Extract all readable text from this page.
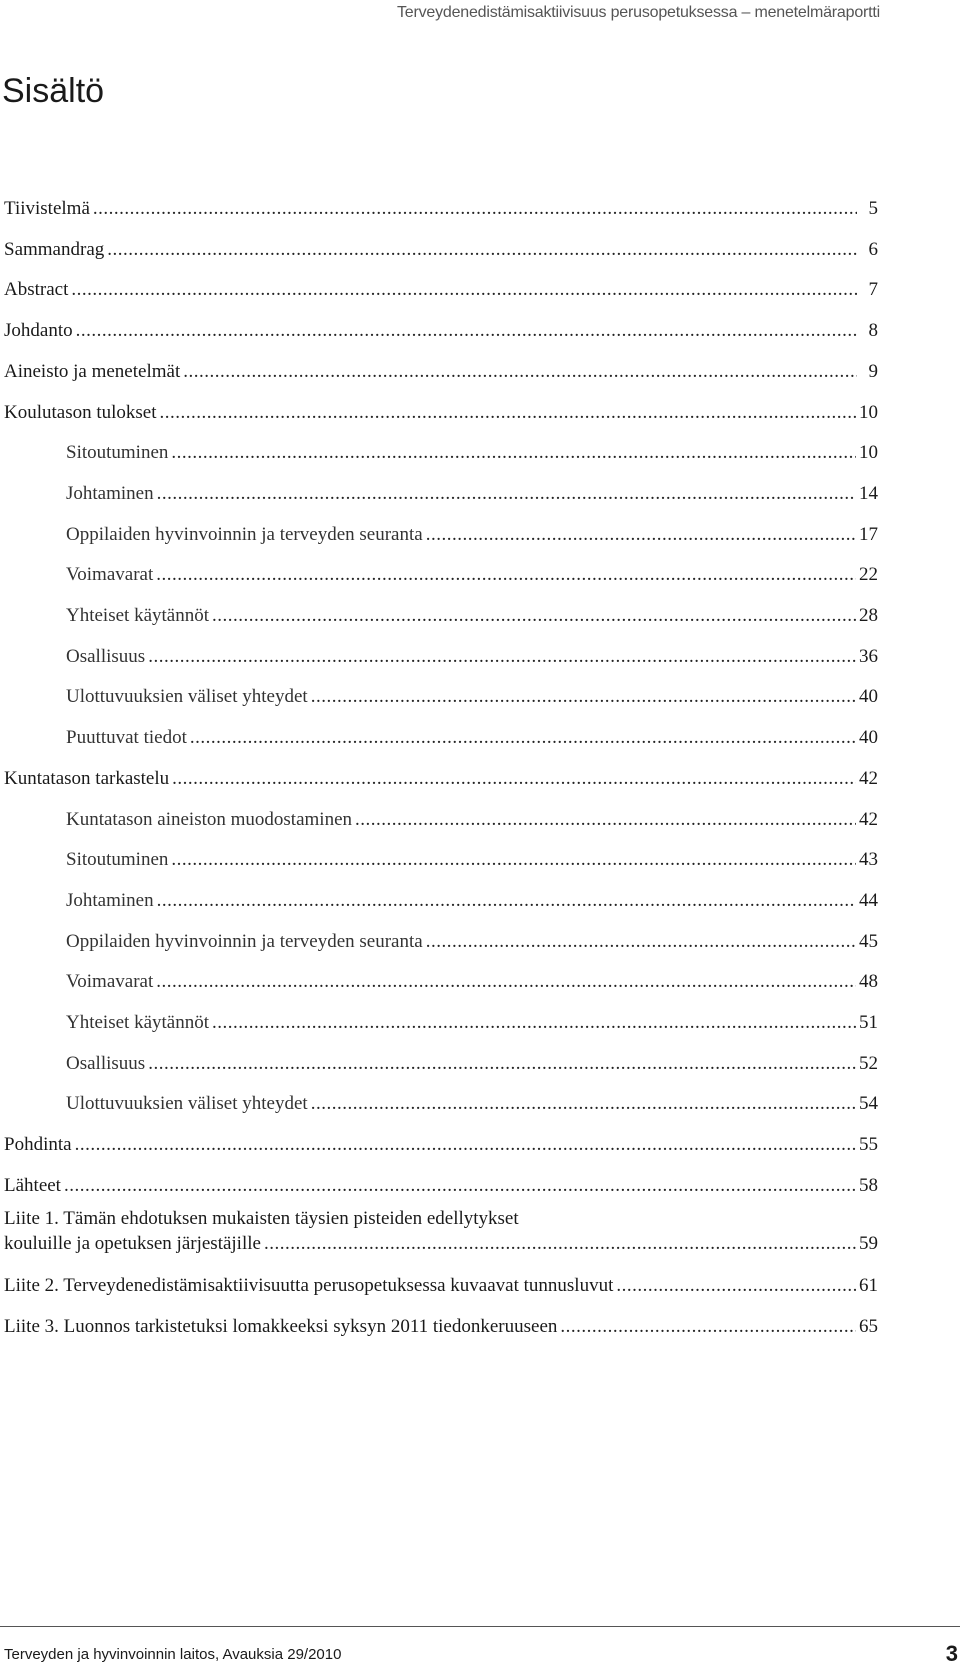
Terveydenedistämisaktiivisuus perusopetuksessa – menetelmäraportti
Sisältö
Tiivistelmä .....	5
Sammandrag .....	6
Abstract .....	7
Johdanto .....	8
Aineisto ja menetelmät .....	9
Koulutason tulokset .....	10
Sitoutuminen .....	10
Johtaminen .....	14
Oppilaiden hyvinvoinnin ja terveyden seuranta .....	17
Voimavarat .....	22
Yhteiset käytännöt .....	28
Osallisuus .....	36
Ulottuvuuksien väliset yhteydet .....	40
Puuttuvat tiedot .....	40
Kuntatason tarkastelu .....	42
Kuntatason aineiston muodostaminen .....	42
Sitoutuminen .....	43
Johtaminen .....	44
Oppilaiden hyvinvoinnin ja terveyden seuranta .....	45
Voimavarat .....	48
Yhteiset käytännöt .....	51
Osallisuus .....	52
Ulottuvuuksien väliset yhteydet .....	54
Pohdinta .....	55
Lähteet .....	58
Liite 1. Tämän ehdotuksen mukaisten täysien pisteiden edellytykset
kouluille ja opetuksen järjestäjille .....	59
Liite 2. Terveydenedistämisaktiivisuutta perusopetuksessa kuvaavat tunnusluvut .....	61
Liite 3. Luonnos tarkistetuksi lomakkeeksi syksyn 2011 tiedonkeruuseen .....	65
Terveyden ja hyvinvoinnin laitos, Avauksia 29/2010	3
